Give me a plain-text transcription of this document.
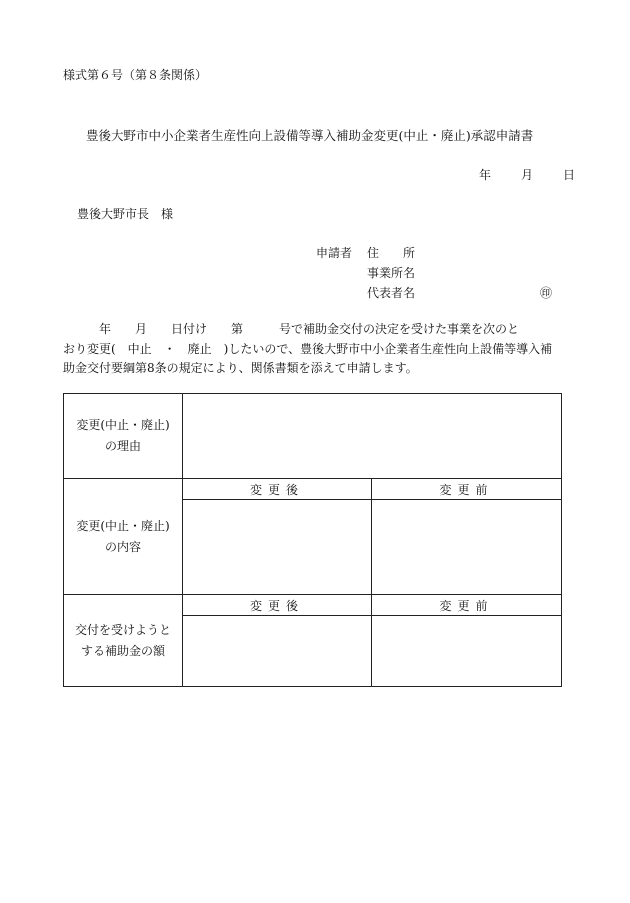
様式第６号（第８条関係）
豊後大野市中小企業者生産性向上設備等導入補助金変更(中止・廃止)承認申請書
年	月	日
豊後大野市長　様
申請者 住　　所
事業所名
代表者名	㊞
　　　年　　月　　日付け　　第　　　号で補助金交付の決定を受けた事業を次のと
おり変更(　中止　・　廃止　)したいので、豊後大野市中小企業者生産性向上設備等導入補
助金交付要綱第8条の規定により、関係書類を添えて申請します。
変更(中止・廃止)
の理由		

変更(中止・廃止)
の内容	変更後	変更前

交付を受けようと
する補助金の額	変更後	変更前
